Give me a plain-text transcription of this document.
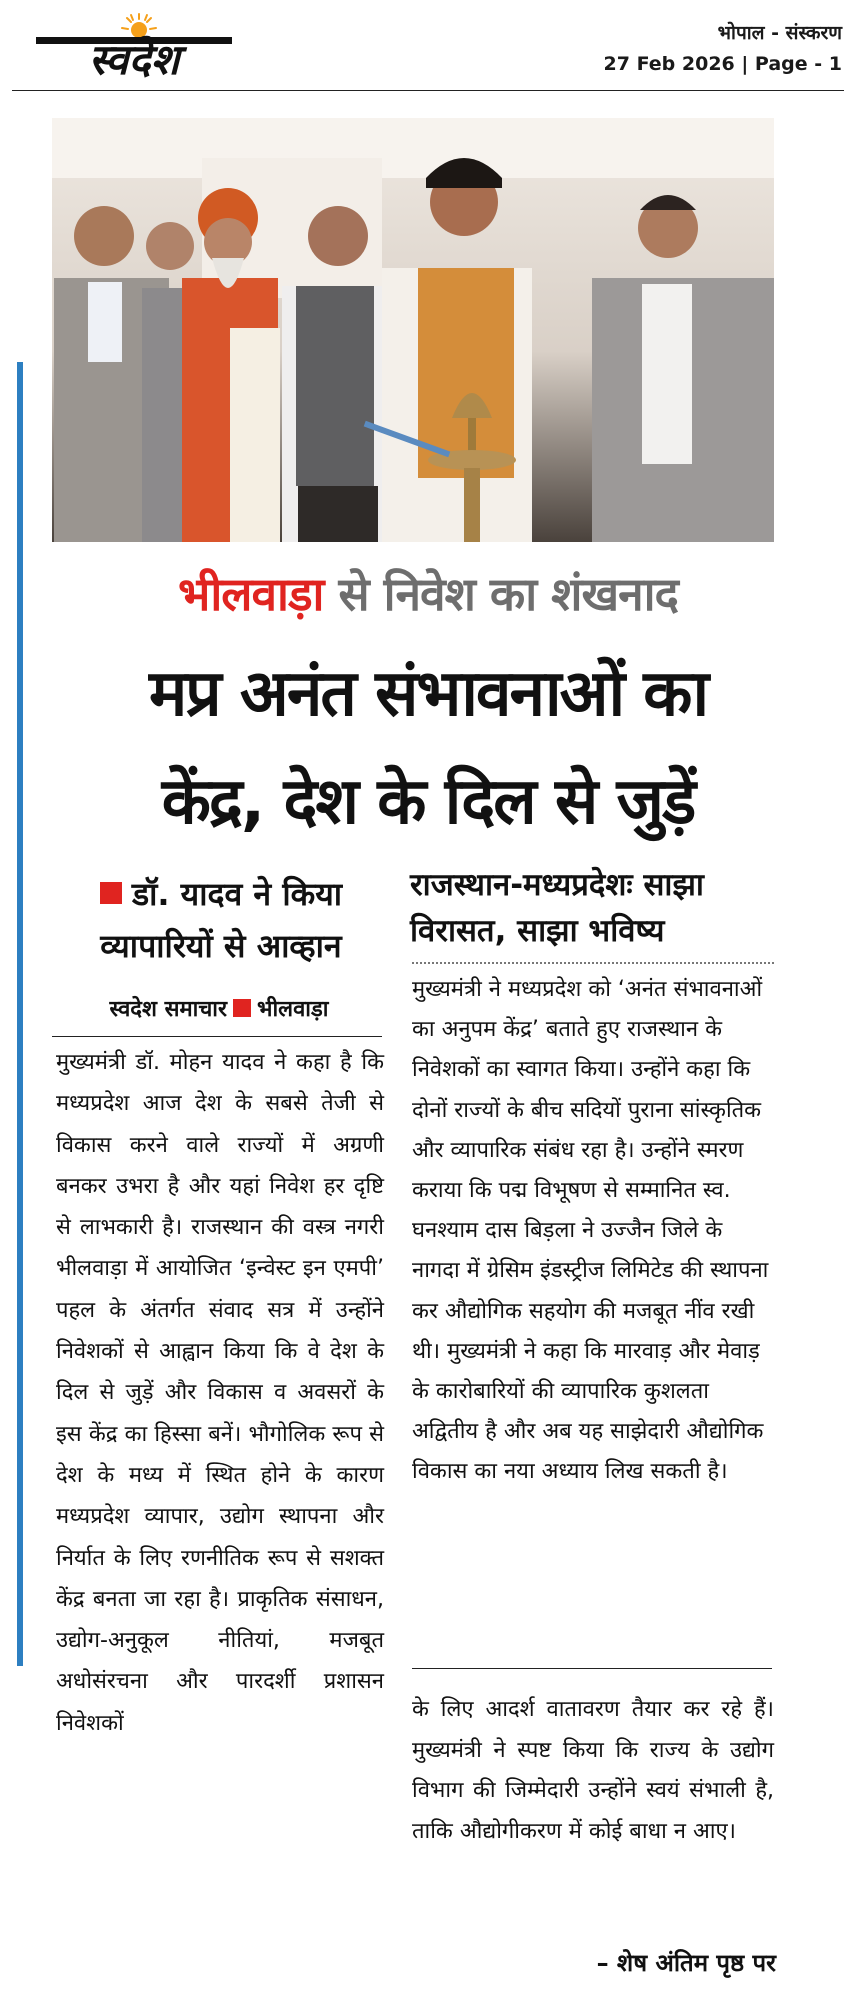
स्वदेश
भोपाल - संस्करण
27 Feb 2026 | Page - 1
भीलवाड़ा से निवेश का शंखनाद
मप्र अनंत संभावनाओं का
केंद्र, देश के दिल से जुड़ें
डॉ. यादव ने किया व्यापारियों से आव्हान
स्वदेश समाचार भीलवाड़ा

मुख्यमंत्री डॉ. मोहन यादव ने कहा है कि मध्यप्रदेश आज देश के सबसे तेजी से विकास करने वाले राज्यों में अग्रणी बनकर उभरा है और यहां निवेश हर दृष्टि से लाभकारी है। राजस्थान की वस्त्र नगरी भीलवाड़ा में आयोजित ‘इन्वेस्ट इन एमपी’ पहल के अंतर्गत संवाद सत्र में उन्होंने निवेशकों से आह्वान किया कि वे देश के दिल से जुड़ें और विकास व अवसरों के इस केंद्र का हिस्सा बनें। भौगोलिक रूप से देश के मध्य में स्थित होने के कारण मध्यप्रदेश व्यापार, उद्योग स्थापना और निर्यात के लिए रणनीतिक रूप से सशक्त केंद्र बनता जा रहा है। प्राकृतिक संसाधन, उद्योग-अनुकूल नीतियां, मजबूत अधोसंरचना और पारदर्शी प्रशासन निवेशकों

राजस्थान-मध्यप्रदेशः साझा विरासत, साझा भविष्य

मुख्यमंत्री ने मध्यप्रदेश को ‘अनंत संभावनाओं का अनुपम केंद्र’ बताते हुए राजस्थान के निवेशकों का स्वागत किया। उन्होंने कहा कि दोनों राज्यों के बीच सदियों पुराना सांस्कृतिक और व्यापारिक संबंध रहा है। उन्होंने स्मरण कराया कि पद्म विभूषण से सम्मानित स्व. घनश्याम दास बिड़ला ने उज्जैन जिले के नागदा में ग्रेसिम इंडस्ट्रीज लिमिटेड की स्थापना कर औद्योगिक सहयोग की मजबूत नींव रखी थी। मुख्यमंत्री ने कहा कि मारवाड़ और मेवाड़ के कारोबारियों की व्यापारिक कुशलता अद्वितीय है और अब यह साझेदारी औद्योगिक विकास का नया अध्याय लिख सकती है।

के लिए आदर्श वातावरण तैयार कर रहे हैं। मुख्यमंत्री ने स्पष्ट किया कि राज्य के उद्योग विभाग की जिम्मेदारी उन्होंने स्वयं संभाली है, ताकि औद्योगीकरण में कोई बाधा न आए।

– शेष अंतिम पृष्ठ पर
